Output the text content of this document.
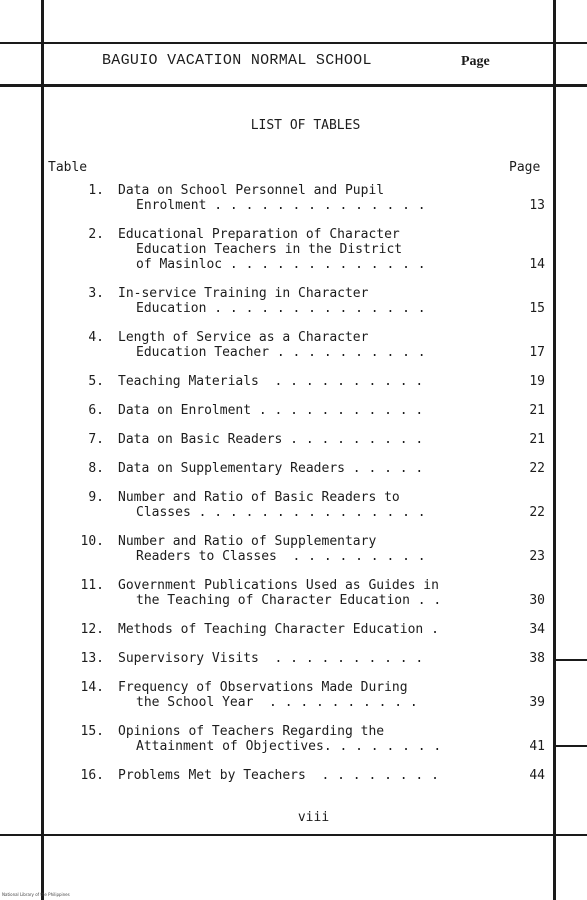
BAGUIO VACATION NORMAL SCHOOL	Page
LIST OF TABLES
Table	Page
1. Data on School Personnel and Pupil
Enrolment . . . . . . . . . . . . . .	13
2. Educational Preparation of Character
Education Teachers in the District
of Masinloc . . . . . . . . . . . . .	14
3. In-service Training in Character
Education . . . . . . . . . . . . . .	15
4. Length of Service as a Character
Education Teacher . . . . . . . . . .	17
5. Teaching Materials  . . . . . . . . . .	19
6. Data on Enrolment . . . . . . . . . . .	21
7. Data on Basic Readers . . . . . . . . .	21
8. Data on Supplementary Readers . . . . .	22
9. Number and Ratio of Basic Readers to
Classes . . . . . . . . . . . . . . .	22
10. Number and Ratio of Supplementary
Readers to Classes  . . . . . . . . .	23
11. Government Publications Used as Guides in
the Teaching of Character Education . .	30
12. Methods of Teaching Character Education .	34
13. Supervisory Visits  . . . . . . . . . .	38
14. Frequency of Observations Made During
the School Year  . . . . . . . . . .	39
15. Opinions of Teachers Regarding the
Attainment of Objectives. . . . . . . .	41
16. Problems Met by Teachers  . . . . . . . .	44
viii
National Library of the Philippines
